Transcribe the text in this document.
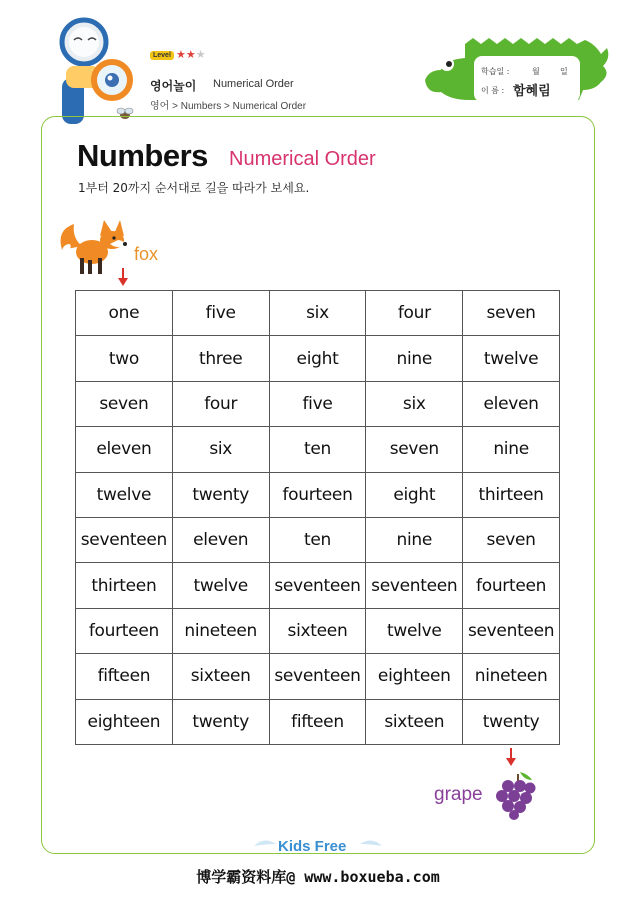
Level ★★★
영어놀이 Numerical Order
영어 > Numbers > Numerical Order
학습일 :	월	일
이 름 : 함혜림
Numbers Numerical Order
1부터 20까지 순서대로 길을 따라가 보세요.
fox
one	five	six	four	seven
two	three	eight	nine	twelve
seven	four	five	six	eleven
eleven	six	ten	seven	nine
twelve	twenty	fourteen	eight	thirteen
seventeen	eleven	ten	nine	seven
thirteen	twelve	seventeen	seventeen	fourteen
fourteen	nineteen	sixteen	twelve	seventeen
fifteen	sixteen	seventeen	eighteen	nineteen
eighteen	twenty	fifteen	sixteen	twenty
grape
Kids Free
博学霸资料库@ www.boxueba.com
